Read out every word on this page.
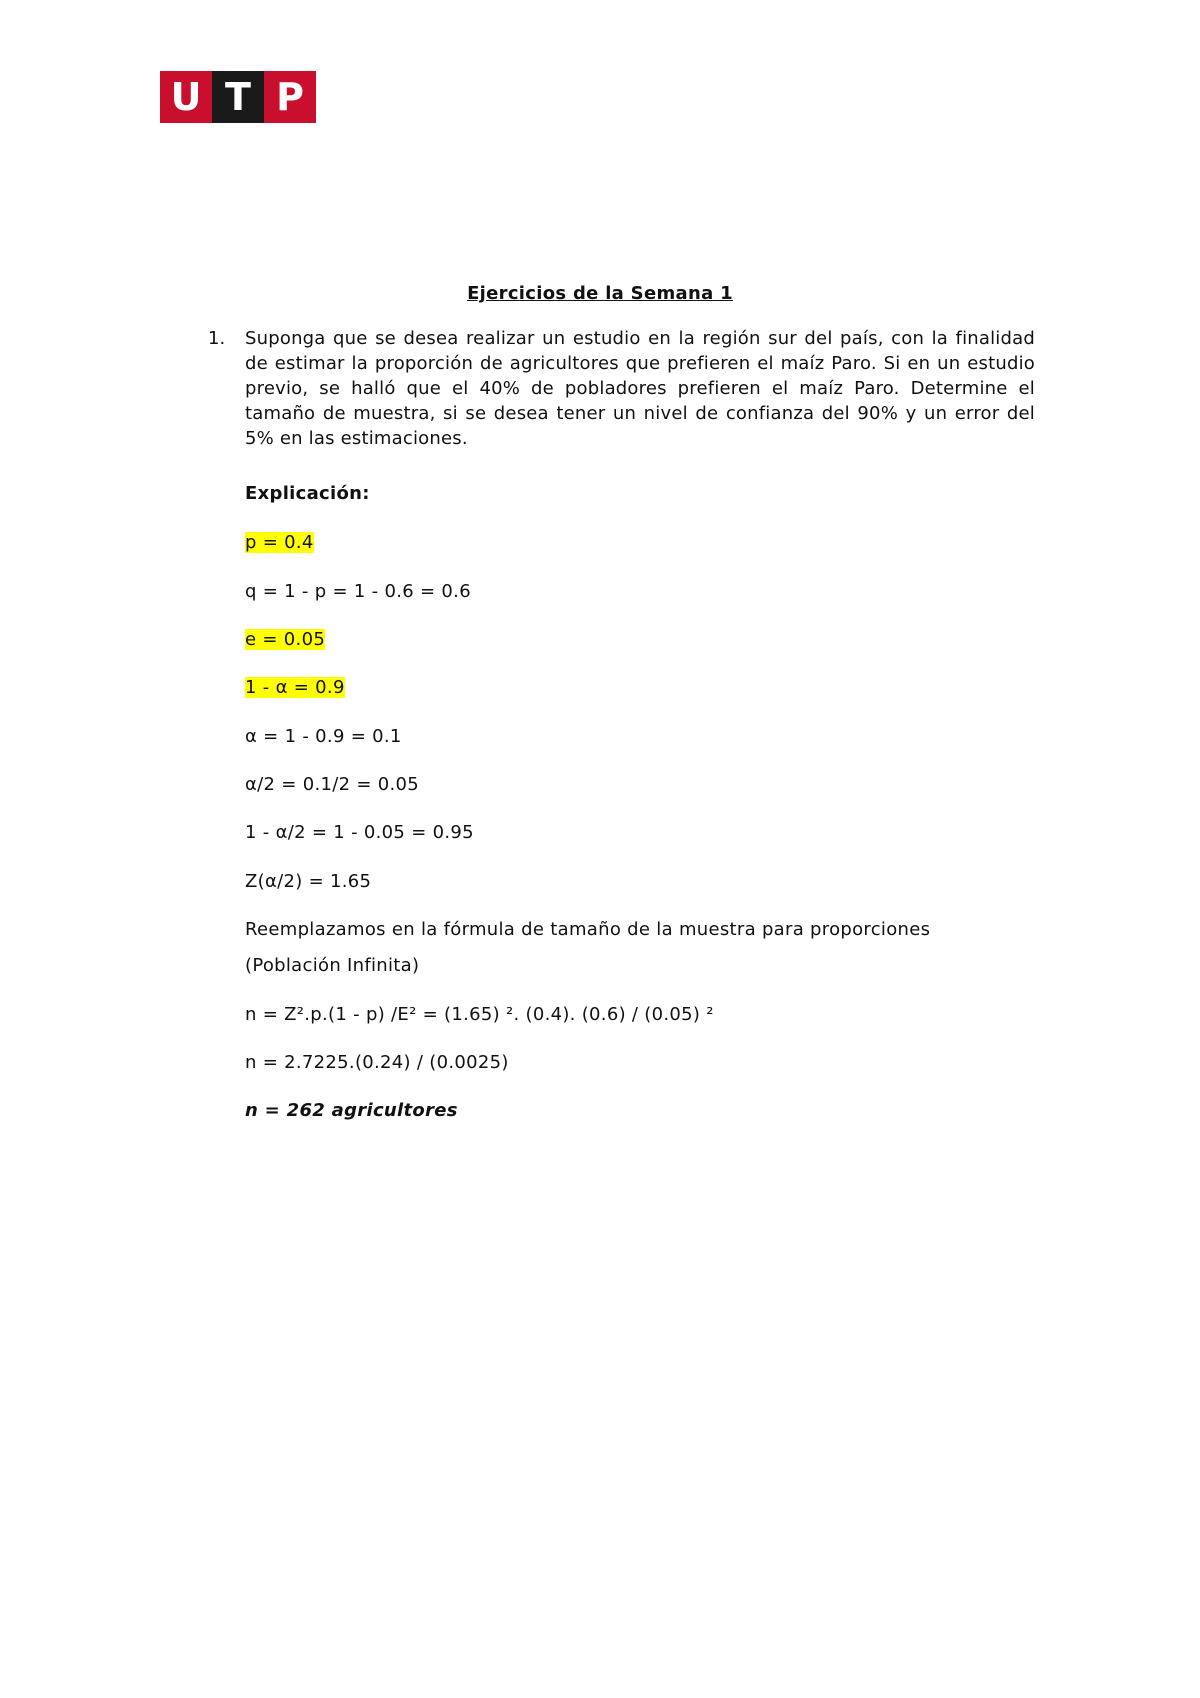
U T P
Ejercicios de la Semana 1
1. Suponga que se desea realizar un estudio en la región sur del país, con la finalidad de estimar la proporción de agricultores que prefieren el maíz Paro. Si en un estudio previo, se halló que el 40% de pobladores prefieren el maíz Paro. Determine el tamaño de muestra, si se desea tener un nivel de confianza del 90% y un error del 5% en las estimaciones.
Explicación:
p = 0.4
q = 1 - p = 1 - 0.6 = 0.6
e = 0.05
1 - α = 0.9
α = 1 - 0.9 = 0.1
α/2 = 0.1/2 = 0.05
1 - α/2 = 1 - 0.05 = 0.95
Z(α/2) = 1.65
Reemplazamos en la fórmula de tamaño de la muestra para proporciones
(Población Infinita)
n = Z².p.(1 - p) /E² = (1.65) ². (0.4). (0.6) / (0.05) ²
n = 2.7225.(0.24) / (0.0025)
n = 262 agricultores
